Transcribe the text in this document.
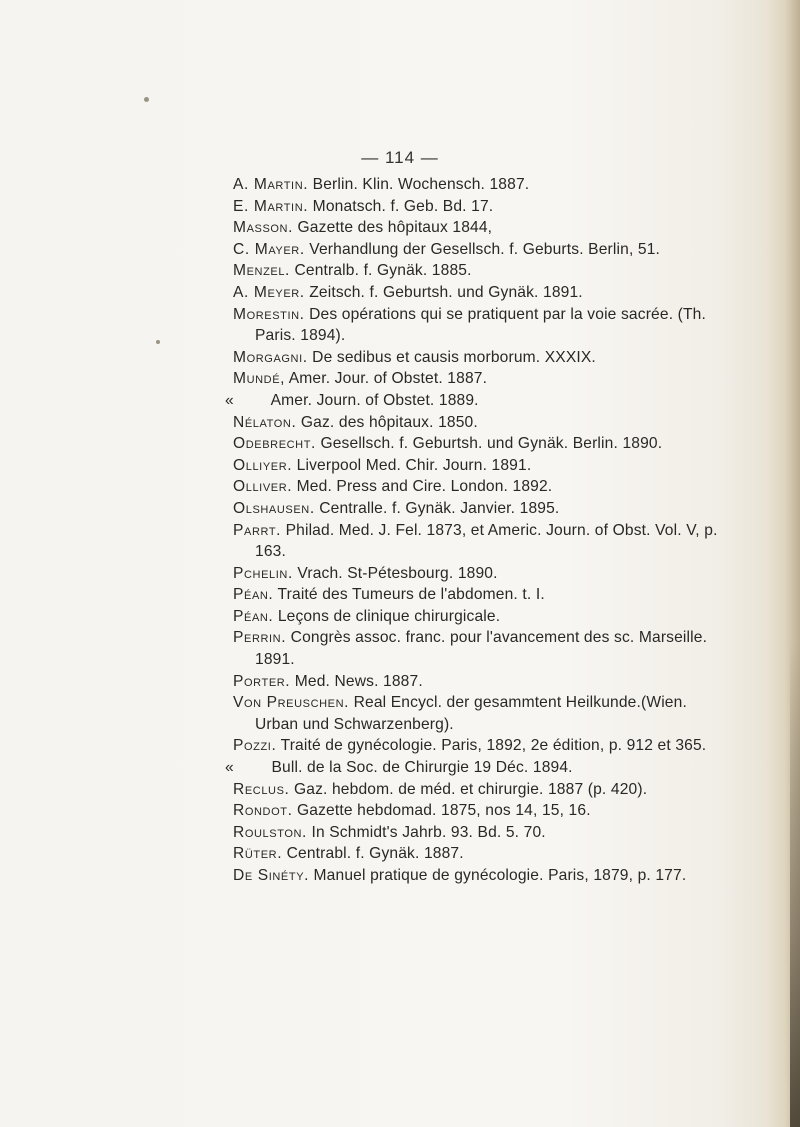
— 114 —
A. Martin. Berlin. Klin. Wochensch. 1887.
E. Martin. Monatsch. f. Geb. Bd. 17.
Masson. Gazette des hôpitaux 1844,
C. Mayer. Verhandlung der Gesellsch. f. Geburts. Berlin, 51.
Menzel. Centralb. f. Gynäk. 1885.
A. Meyer. Zeitsch. f. Geburtsh. und Gynäk. 1891.
Morestin. Des opérations qui se pratiquent par la voie sacrée. (Th. Paris. 1894).
Morgagni. De sedibus et causis morborum. XXXIX.
Mundé, Amer. Jour. of Obstet. 1887.
« Amer. Journ. of Obstet. 1889.
Nélaton. Gaz. des hôpitaux. 1850.
Odebrecht. Gesellsch. f. Geburtsh. und Gynäk. Berlin. 1890.
Olliyer. Liverpool Med. Chir. Journ. 1891.
Olliver. Med. Press and Cire. London. 1892.
Olshausen. Centralle. f. Gynäk. Janvier. 1895.
Parrt. Philad. Med. J. Fel. 1873, et Americ. Journ. of Obst. Vol. V, p. 163.
Pchelin. Vrach. St-Pétesbourg. 1890.
Péan. Traité des Tumeurs de l'abdomen. t. I.
Péan. Leçons de clinique chirurgicale.
Perrin. Congrès assoc. franc. pour l'avancement des sc. Marseille. 1891.
Porter. Med. News. 1887.
Von Preuschen. Real Encycl. der gesammtent Heilkunde.(Wien. Urban und Schwarzenberg).
Pozzi. Traité de gynécologie. Paris, 1892, 2e édition, p. 912 et 365.
« Bull. de la Soc. de Chirurgie 19 Déc. 1894.
Reclus. Gaz. hebdom. de méd. et chirurgie. 1887 (p. 420).
Rondot. Gazette hebdomad. 1875, nos 14, 15, 16.
Roulston. In Schmidt's Jahrb. 93. Bd. 5. 70.
Rüter. Centrabl. f. Gynäk. 1887.
De Sinéty. Manuel pratique de gynécologie. Paris, 1879, p. 177.
